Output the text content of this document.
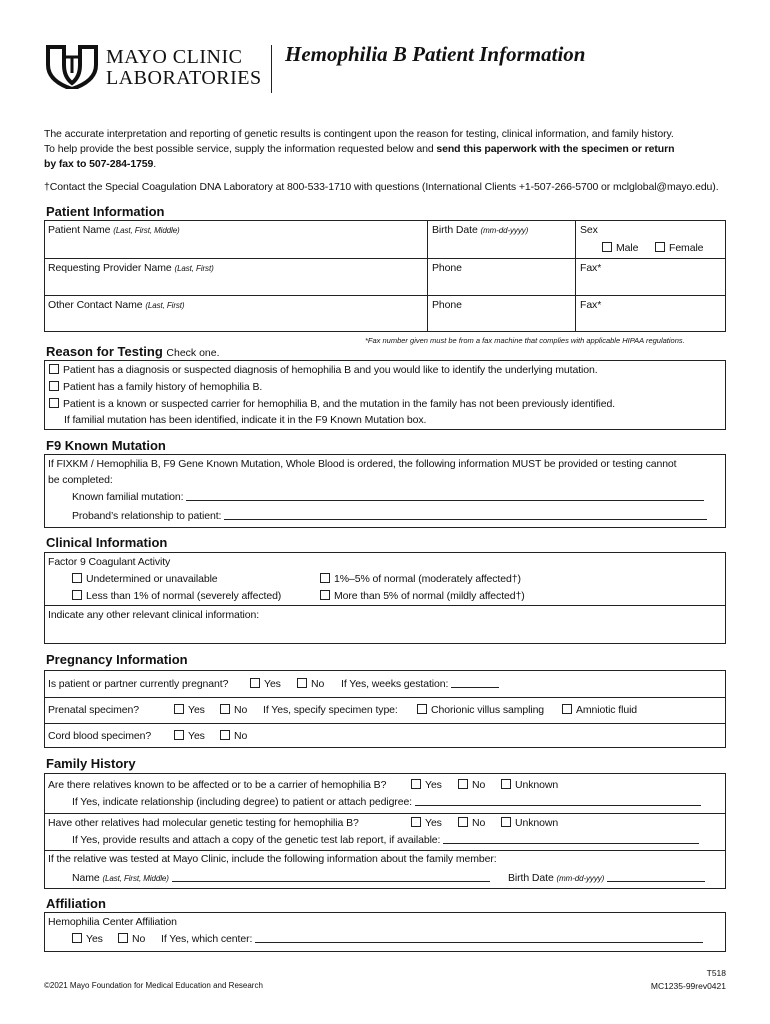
MAYO CLINIC
LABORATORIES
Hemophilia B Patient Information
The accurate interpretation and reporting of genetic results is contingent upon the reason for testing, clinical information, and family history.
To help provide the best possible service, supply the information requested below and send this paperwork with the specimen or return
by fax to 507-284-1759.
†Contact the Special Coagulation DNA Laboratory at 800-533-1710 with questions (International Clients +1-507-266-5700 or mclglobal@mayo.edu).
Patient Information
Patient Name (Last, First, Middle)	Birth Date (mm-dd-yyyy)	Sex
Male	Female
Requesting Provider Name (Last, First)	Phone	Fax*
Other Contact Name (Last, First)	Phone	Fax*
*Fax number given must be from a fax machine that complies with applicable HIPAA regulations.
Reason for Testing Check one.
Patient has a diagnosis or suspected diagnosis of hemophilia B and you would like to identify the underlying mutation.
Patient has a family history of hemophilia B.
Patient is a known or suspected carrier for hemophilia B, and the mutation in the family has not been previously identified.
If familial mutation has been identified, indicate it in the F9 Known Mutation box.
F9 Known Mutation
If FIXKM / Hemophilia B, F9 Gene Known Mutation, Whole Blood is ordered, the following information MUST be provided or testing cannot
be completed:
Known familial mutation:
Proband’s relationship to patient:
Clinical Information
Factor 9 Coagulant Activity
Undetermined or unavailable
Less than 1% of normal (severely affected)
1%–5% of normal (moderately affected†)
More than 5% of normal (mildly affected†)
Indicate any other relevant clinical information:
Pregnancy Information
Is patient or partner currently pregnant?	Yes	No If Yes, weeks gestation:
Prenatal specimen?	Yes	No If Yes, specify specimen type:	Chorionic villus sampling	Amniotic fluid
Cord blood specimen?	Yes	No
Family History
Are there relatives known to be affected or to be a carrier of hemophilia B?	Yes	No	Unknown
If Yes, indicate relationship (including degree) to patient or attach pedigree:
Have other relatives had molecular genetic testing for hemophilia B?	Yes	No	Unknown
If Yes, provide results and attach a copy of the genetic test lab report, if available:
If the relative was tested at Mayo Clinic, include the following information about the family member:
Name (Last, First, Middle)	Birth Date (mm-dd-yyyy)
Affiliation
Hemophilia Center Affiliation
Yes	No If Yes, which center:
©2021 Mayo Foundation for Medical Education and Research
T518
MC1235-99rev0421
